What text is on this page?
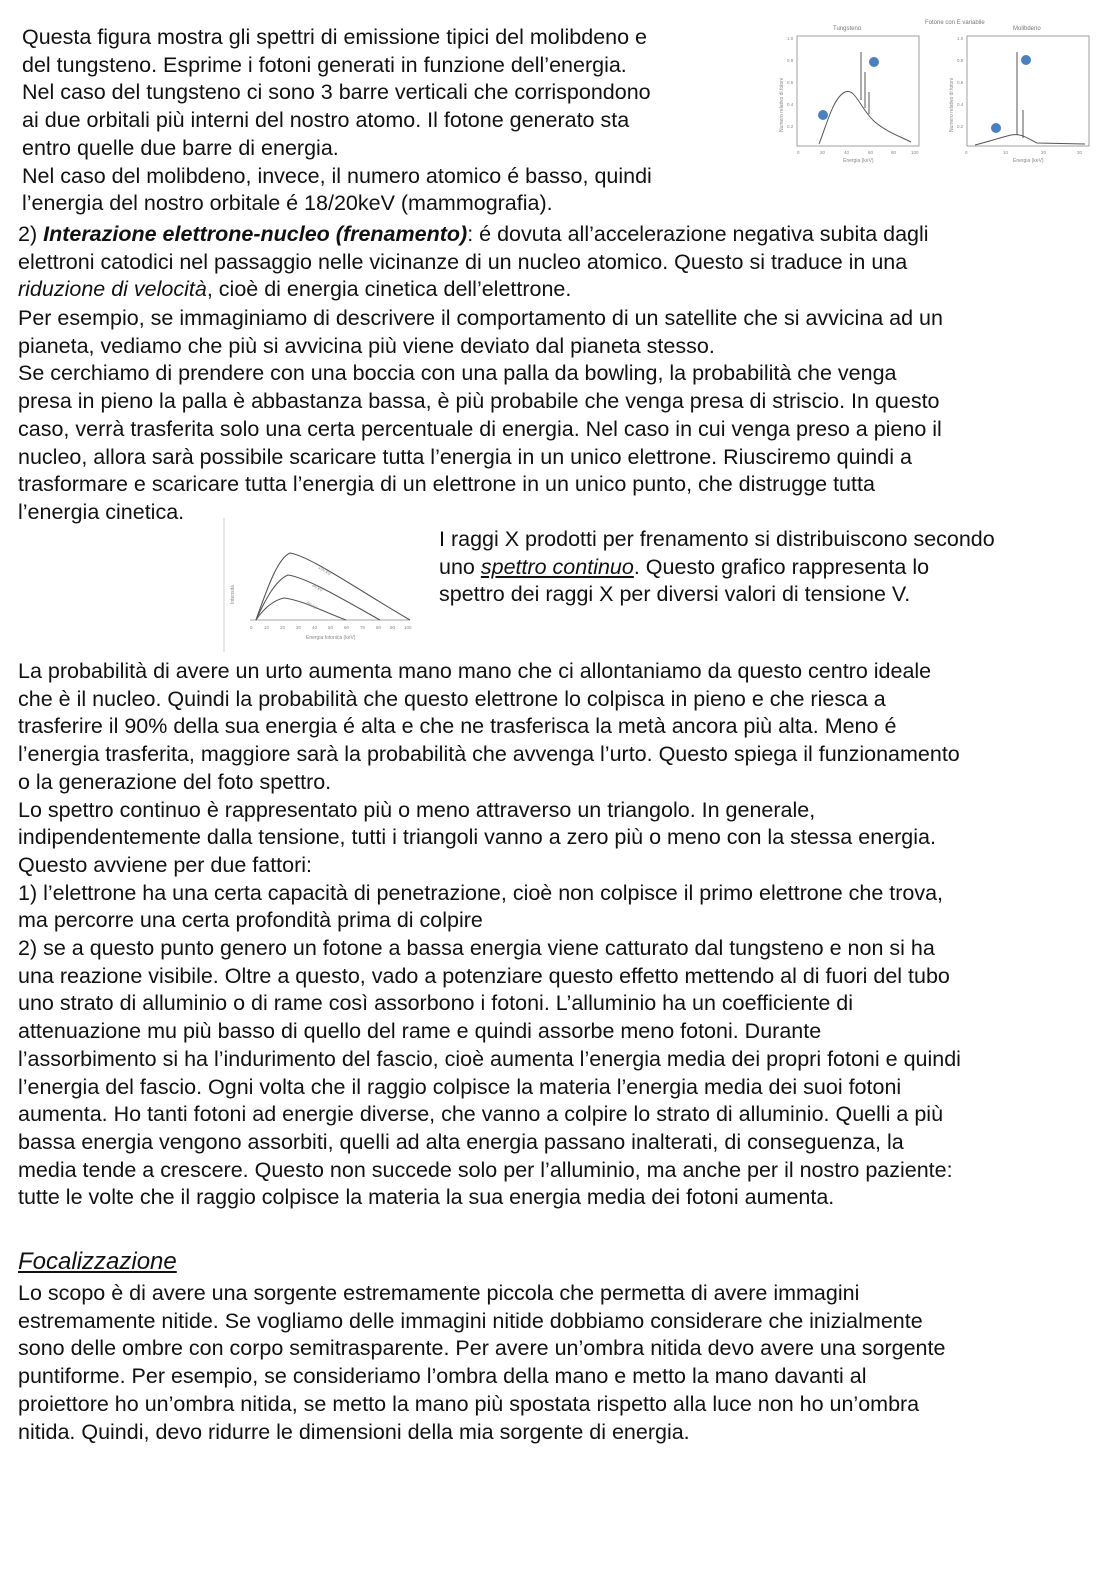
Questa figura mostra gli spettri di emissione tipici del molibdeno e
del tungsteno. Esprime i fotoni generati in funzione dell’energia.
Nel caso del tungsteno ci sono 3 barre verticali che corrispondono
ai due orbitali più interni del nostro atomo. Il fotone generato sta
entro quelle due barre di energia.
Nel caso del molibdeno, invece, il numero atomico é basso, quindi
l’energia del nostro orbitale é 18/20keV (mammografia).

Fotone con E variabile
Tungsteno	Molibdeno
Numero relativo di fotoni
1.0
0.8
0.6
0.4
0.2
0	20	40	60	80	100
Energia (keV)
Numero relativo di fotoni
1.0
0.8
0.6
0.4
0.2
0	10	20	30
Energia (keV)

2) Interazione elettrone-nucleo (frenamento): é dovuta all’accelerazione negativa subita dagli
elettroni catodici nel passaggio nelle vicinanze di un nucleo atomico. Questo si traduce in una
riduzione di velocità, cioè di energia cinetica dell’elettrone.

Per esempio, se immaginiamo di descrivere il comportamento di un satellite che si avvicina ad un
pianeta, vediamo che più si avvicina più viene deviato dal pianeta stesso.
Se cerchiamo di prendere con una boccia con una palla da bowling, la probabilità che venga
presa in pieno la palla è abbastanza bassa, è più probabile che venga presa di striscio. In questo
caso, verrà trasferita solo una certa percentuale di energia. Nel caso in cui venga preso a pieno il
nucleo, allora sarà possibile scaricare tutta l’energia in un unico elettrone. Riusciremo quindi a
trasformare e scaricare tutta l’energia di un elettrone in un unico punto, che distrugge tutta
l’energia cinetica.

Intensità
100 kV
80 kV
60 kV
0	10 20 30 40 50 60 70 80 90 100
Energia fotonica (keV)

I raggi X prodotti per frenamento si distribuiscono secondo
uno spettro continuo. Questo grafico rappresenta lo
spettro dei raggi X per diversi valori di tensione V.

La probabilità di avere un urto aumenta mano mano che ci allontaniamo da questo centro ideale
che è il nucleo. Quindi la probabilità che questo elettrone lo colpisca in pieno e che riesca a
trasferire il 90% della sua energia é alta e che ne trasferisca la metà ancora più alta. Meno é
l’energia trasferita, maggiore sarà la probabilità che avvenga l’urto. Questo spiega il funzionamento
o la generazione del foto spettro.
Lo spettro continuo è rappresentato più o meno attraverso un triangolo. In generale,
indipendentemente dalla tensione, tutti i triangoli vanno a zero più o meno con la stessa energia.
Questo avviene per due fattori:
1) l’elettrone ha una certa capacità di penetrazione, cioè non colpisce il primo elettrone che trova,
ma percorre una certa profondità prima di colpire
2) se a questo punto genero un fotone a bassa energia viene catturato dal tungsteno e non si ha
una reazione visibile. Oltre a questo, vado a potenziare questo effetto mettendo al di fuori del tubo
uno strato di alluminio o di rame così assorbono i fotoni. L’alluminio ha un coefficiente di
attenuazione mu più basso di quello del rame e quindi assorbe meno fotoni. Durante
l’assorbimento si ha l’indurimento del fascio, cioè aumenta l’energia media dei propri fotoni e quindi
l’energia del fascio. Ogni volta che il raggio colpisce la materia l’energia media dei suoi fotoni
aumenta. Ho tanti fotoni ad energie diverse, che vanno a colpire lo strato di alluminio. Quelli a più
bassa energia vengono assorbiti, quelli ad alta energia passano inalterati, di conseguenza, la
media tende a crescere. Questo non succede solo per l’alluminio, ma anche per il nostro paziente:
tutte le volte che il raggio colpisce la materia la sua energia media dei fotoni aumenta.

Focalizzazione

Lo scopo è di avere una sorgente estremamente piccola che permetta di avere immagini
estremamente nitide. Se vogliamo delle immagini nitide dobbiamo considerare che inizialmente
sono delle ombre con corpo semitrasparente. Per avere un’ombra nitida devo avere una sorgente
puntiforme. Per esempio, se consideriamo l’ombra della mano e metto la mano davanti al
proiettore ho un’ombra nitida, se metto la mano più spostata rispetto alla luce non ho un’ombra
nitida. Quindi, devo ridurre le dimensioni della mia sorgente di energia.
